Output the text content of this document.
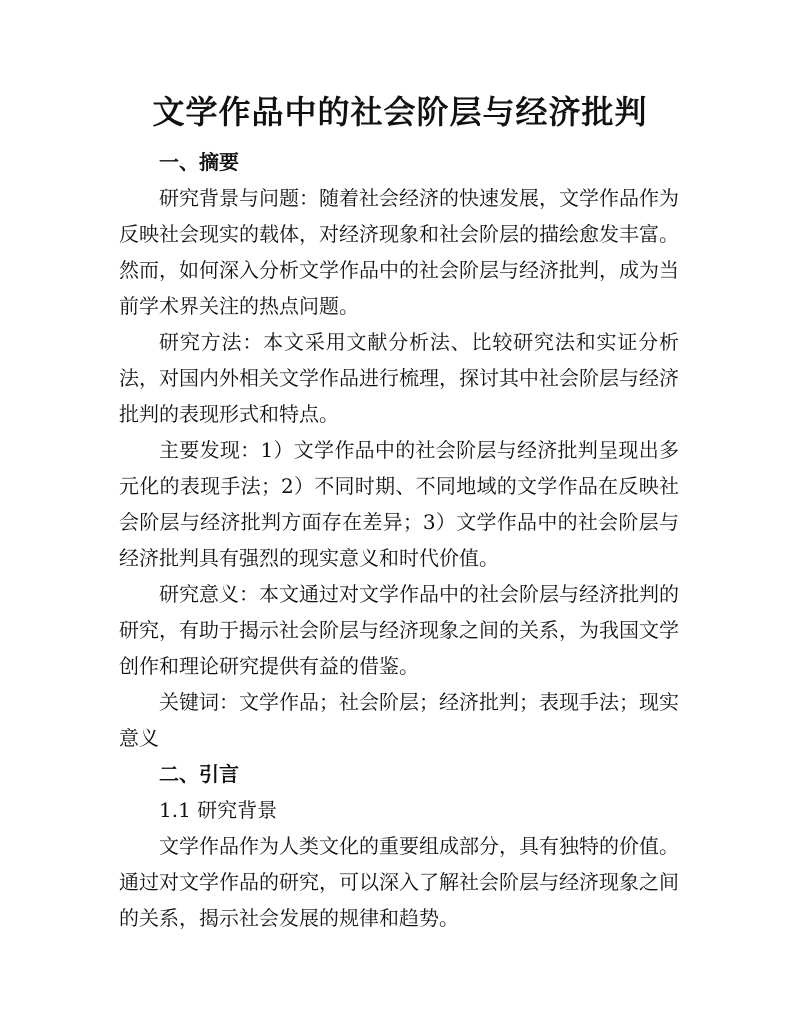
文学作品中的社会阶层与经济批判
一、摘要

研究背景与问题：随着社会经济的快速发展，文学作品作为反映社会现实的载体，对经济现象和社会阶层的描绘愈发丰富。然而，如何深入分析文学作品中的社会阶层与经济批判，成为当前学术界关注的热点问题。

研究方法：本文采用文献分析法、比较研究法和实证分析法，对国内外相关文学作品进行梳理，探讨其中社会阶层与经济批判的表现形式和特点。

主要发现：1）文学作品中的社会阶层与经济批判呈现出多元化的表现手法；2）不同时期、不同地域的文学作品在反映社会阶层与经济批判方面存在差异；3）文学作品中的社会阶层与经济批判具有强烈的现实意义和时代价值。

研究意义：本文通过对文学作品中的社会阶层与经济批判的研究，有助于揭示社会阶层与经济现象之间的关系，为我国文学创作和理论研究提供有益的借鉴。

关键词：文学作品；社会阶层；经济批判；表现手法；现实意义

二、引言

1.1 研究背景

文学作品作为人类文化的重要组成部分，具有独特的价值。通过对文学作品的研究，可以深入了解社会阶层与经济现象之间的关系，揭示社会发展的规律和趋势。
